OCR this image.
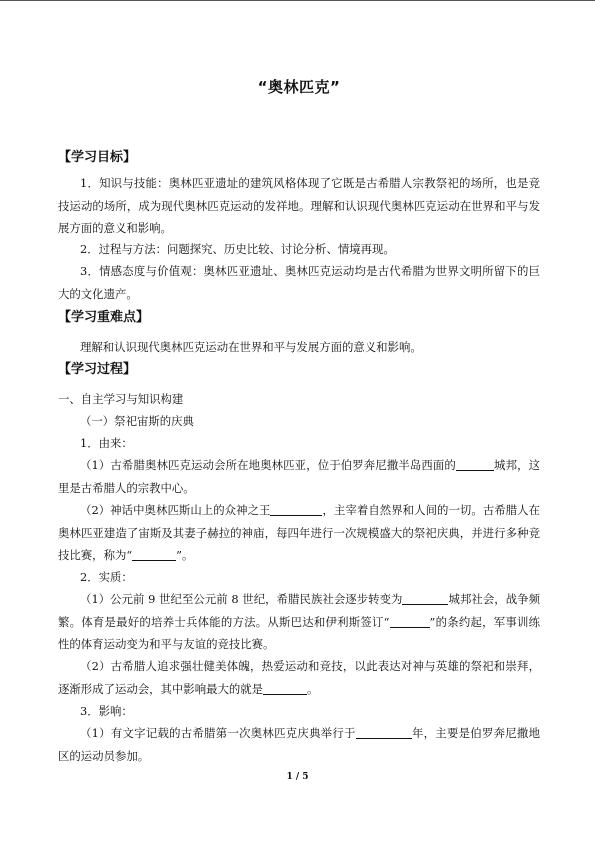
“奥林匹克”
【学习目标】
1．知识与技能：奥林匹亚遗址的建筑风格体现了它既是古希腊人宗教祭祀的场所，也是竞技运动的场所，成为现代奥林匹克运动的发祥地。理解和认识现代奥林匹克运动在世界和平与发展方面的意义和影响。
2．过程与方法：问题探究、历史比较、讨论分析、情境再现。
3．情感态度与价值观：奥林匹亚遗址、奥林匹克运动均是古代希腊为世界文明所留下的巨大的文化遗产。
【学习重难点】
理解和认识现代奥林匹克运动在世界和平与发展方面的意义和影响。
【学习过程】
一、自主学习与知识构建
（一）祭祀宙斯的庆典
1．由来：
（1）古希腊奥林匹克运动会所在地奥林匹亚，位于伯罗奔尼撒半岛西面的	城邦，这里是古希腊人的宗教中心。
（2）神话中奥林匹斯山上的众神之王	，主宰着自然界和人间的一切。古希腊人在奥林匹亚建造了宙斯及其妻子赫拉的神庙，每四年进行一次规模盛大的祭祀庆典，并进行多种竞技比赛，称为“	”。
2．实质：
（1）公元前 9 世纪至公元前 8 世纪，希腊民族社会逐步转变为	城邦社会，战争频繁。体育是最好的培养士兵体能的方法。从斯巴达和伊利斯签订“	”的条约起，军事训练性的体育运动变为和平与友谊的竞技比赛。
（2）古希腊人追求强壮健美体魄，热爱运动和竞技，以此表达对神与英雄的祭祀和崇拜，逐渐形成了运动会，其中影响最大的就是	。
3．影响：
（1）有文字记载的古希腊第一次奥林匹克庆典举行于	年，主要是伯罗奔尼撒地区的运动员参加。
1 / 5
